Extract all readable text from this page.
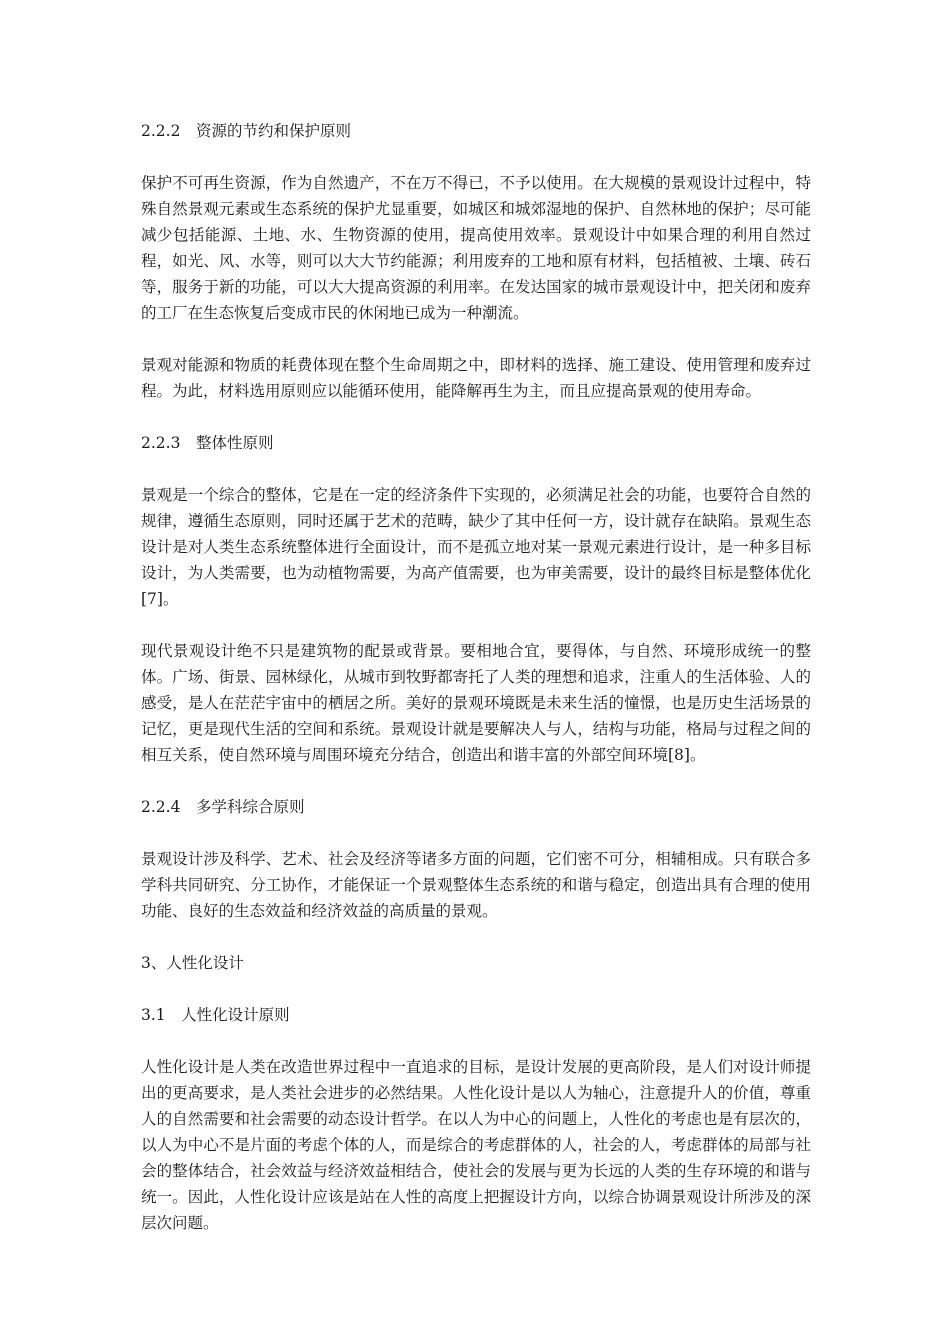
2.2.2　资源的节约和保护原则
保护不可再生资源，作为自然遗产，不在万不得已，不予以使用。在大规模的景观设计过程中，特殊自然景观元素或生态系统的保护尤显重要，如城区和城郊湿地的保护、自然林地的保护；尽可能减少包括能源、土地、水、生物资源的使用，提高使用效率。景观设计中如果合理的利用自然过程，如光、风、水等，则可以大大节约能源；利用废弃的工地和原有材料，包括植被、土壤、砖石等，服务于新的功能，可以大大提高资源的利用率。在发达国家的城市景观设计中，把关闭和废弃的工厂在生态恢复后变成市民的休闲地已成为一种潮流。
景观对能源和物质的耗费体现在整个生命周期之中，即材料的选择、施工建设、使用管理和废弃过程。为此，材料选用原则应以能循环使用，能降解再生为主，而且应提高景观的使用寿命。
2.2.3　整体性原则
景观是一个综合的整体，它是在一定的经济条件下实现的，必须满足社会的功能，也要符合自然的规律，遵循生态原则，同时还属于艺术的范畴，缺少了其中任何一方，设计就存在缺陷。景观生态设计是对人类生态系统整体进行全面设计，而不是孤立地对某一景观元素进行设计，是一种多目标设计，为人类需要，也为动植物需要，为高产值需要，也为审美需要，设计的最终目标是整体优化[7]。
现代景观设计绝不只是建筑物的配景或背景。要相地合宜，要得体，与自然、环境形成统一的整体。广场、街景、园林绿化，从城市到牧野都寄托了人类的理想和追求，注重人的生活体验、人的感受，是人在茫茫宇宙中的栖居之所。美好的景观环境既是未来生活的憧憬，也是历史生活场景的记忆，更是现代生活的空间和系统。景观设计就是要解决人与人，结构与功能，格局与过程之间的相互关系，使自然环境与周围环境充分结合，创造出和谐丰富的外部空间环境[8]。
2.2.4　多学科综合原则
景观设计涉及科学、艺术、社会及经济等诸多方面的问题，它们密不可分，相辅相成。只有联合多学科共同研究、分工协作，才能保证一个景观整体生态系统的和谐与稳定，创造出具有合理的使用功能、良好的生态效益和经济效益的高质量的景观。
3、人性化设计
3.1　人性化设计原则
人性化设计是人类在改造世界过程中一直追求的目标，是设计发展的更高阶段，是人们对设计师提出的更高要求，是人类社会进步的必然结果。人性化设计是以人为轴心，注意提升人的价值，尊重人的自然需要和社会需要的动态设计哲学。在以人为中心的问题上，人性化的考虑也是有层次的，以人为中心不是片面的考虑个体的人，而是综合的考虑群体的人，社会的人，考虑群体的局部与社会的整体结合，社会效益与经济效益相结合，使社会的发展与更为长远的人类的生存环境的和谐与统一。因此，人性化设计应该是站在人性的高度上把握设计方向，以综合协调景观设计所涉及的深层次问题。
